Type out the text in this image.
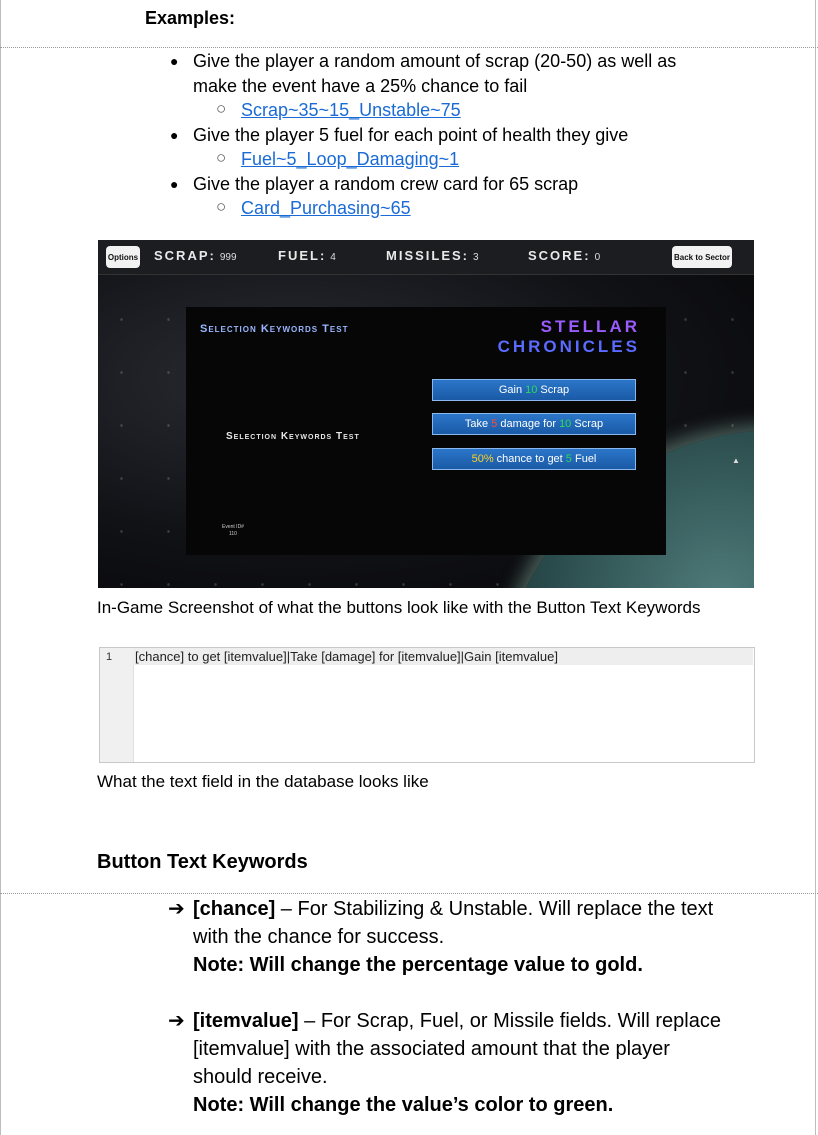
Examples:
● Give the player a random amount of scrap (20-50) as well as make the event have a 25% chance to fail
○ Scrap~35~15_Unstable~75
● Give the player 5 fuel for each point of health they give
○ Fuel~5_Loop_Damaging~1
● Give the player a random crew card for 65 scrap
○ Card_Purchasing~65
Options SCRAP: 999	FUEL: 4	MISSILES: 3	SCORE: 0	Back to Sector
Selection Keywords Test	STELLAR
CHRONICLES
Selection Keywords Test
Event ID#
110
Gain 10 Scrap
Take 5 damage for 10 Scrap
50% chance to get 5 Fuel	▲
In-Game Screenshot of what the buttons look like with the Button Text Keywords
1 [chance] to get [itemvalue]|Take [damage] for [itemvalue]|Gain [itemvalue]
What the text field in the database looks like
Button Text Keywords
➔ [chance] – For Stabilizing & Unstable. Will replace the text with the chance for success.
Note: Will change the percentage value to gold.
➔ [itemvalue] – For Scrap, Fuel, or Missile fields. Will replace [itemvalue] with the associated amount that the player should receive.
Note: Will change the value’s color to green.
